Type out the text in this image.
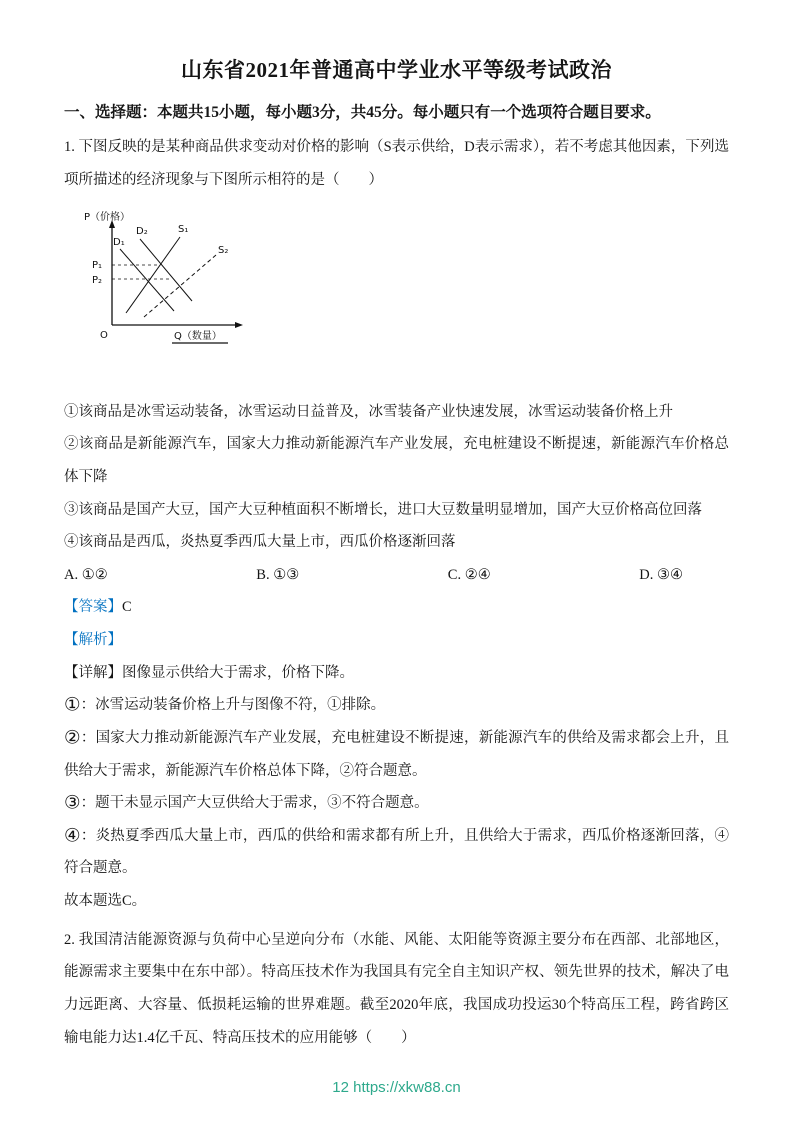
山东省2021年普通高中学业水平等级考试政治
一、选择题：本题共15小题，每小题3分，共45分。每小题只有一个选项符合题目要求。

1. 下图反映的是某种商品供求变动对价格的影响（S表示供给，D表示需求），若不考虑其他因素，下列选项所描述的经济现象与下图所示相符的是（　　）

P（价格）
O	Q（数量）
D₁
D₂	S₁
S₂
P₁
P₂

①该商品是冰雪运动装备，冰雪运动日益普及，冰雪装备产业快速发展，冰雪运动装备价格上升

②该商品是新能源汽车，国家大力推动新能源汽车产业发展，充电桩建设不断提速，新能源汽车价格总体下降

③该商品是国产大豆，国产大豆种植面积不断增长，进口大豆数量明显增加，国产大豆价格高位回落

④该商品是西瓜，炎热夏季西瓜大量上市，西瓜价格逐渐回落

A. ①②	B. ①③	C. ②④	D. ③④

【答案】C

【解析】

【详解】图像显示供给大于需求，价格下降。

①：冰雪运动装备价格上升与图像不符，①排除。

②：国家大力推动新能源汽车产业发展，充电桩建设不断提速，新能源汽车的供给及需求都会上升，且供给大于需求，新能源汽车价格总体下降，②符合题意。

③：题干未显示国产大豆供给大于需求，③不符合题意。

④：炎热夏季西瓜大量上市，西瓜的供给和需求都有所上升，且供给大于需求，西瓜价格逐渐回落，④符合题意。

故本题选C。

2. 我国清洁能源资源与负荷中心呈逆向分布（水能、风能、太阳能等资源主要分布在西部、北部地区，能源需求主要集中在东中部）。特高压技术作为我国具有完全自主知识产权、领先世界的技术，解决了电力远距离、大容量、低损耗运输的世界难题。截至2020年底，我国成功投运30个特高压工程，跨省跨区输电能力达1.4亿千瓦、特高压技术的应用能够（　　）

12 https://xkw88.cn
